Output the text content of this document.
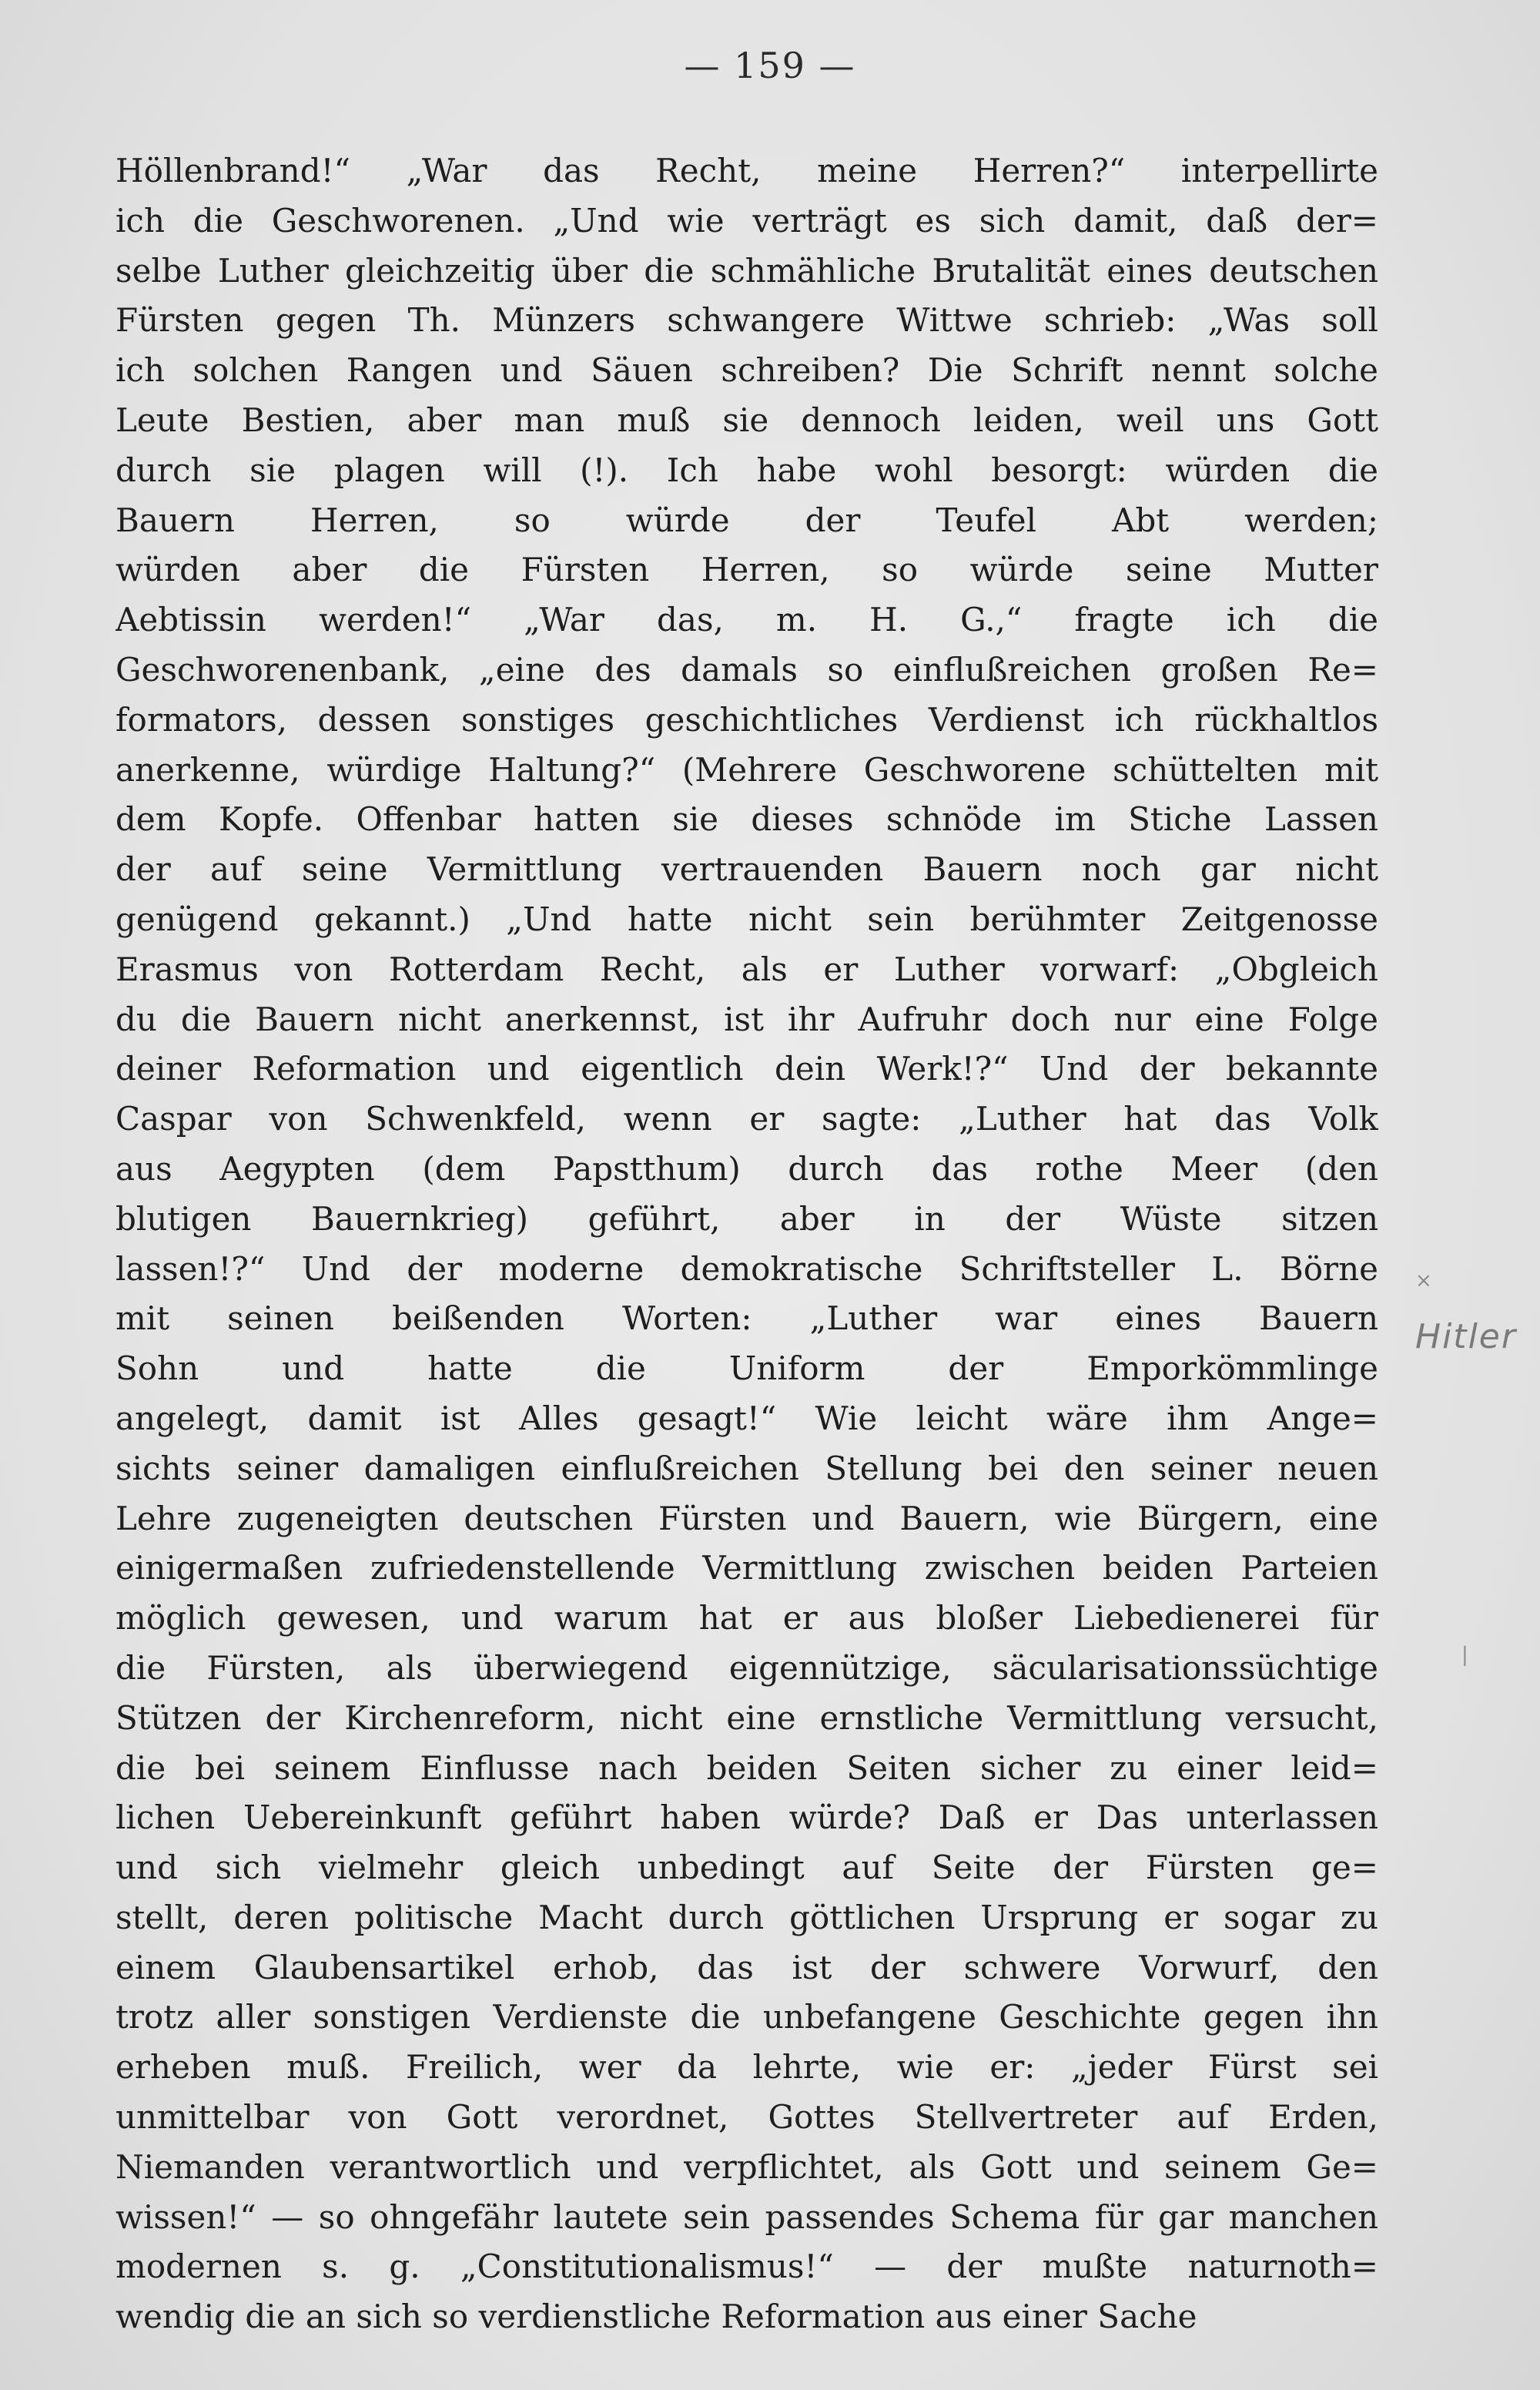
— 159 —
Höllenbrand!“ „War das Recht, meine Herren?“ interpellirte
ich die Geschworenen. „Und wie verträgt es sich damit, daß der=
selbe Luther gleichzeitig über die schmähliche Brutalität eines deutschen
Fürsten gegen Th. Münzers schwangere Wittwe schrieb: „Was soll
ich solchen Rangen und Säuen schreiben? Die Schrift nennt solche
Leute Bestien, aber man muß sie dennoch leiden, weil uns Gott
durch sie plagen will (!). Ich habe wohl besorgt: würden die
Bauern Herren, so würde der Teufel Abt werden;
würden aber die Fürsten Herren, so würde seine Mutter
Aebtissin werden!“ „War das, m. H. G.,“ fragte ich die
Geschworenenbank, „eine des damals so einflußreichen großen Re=
formators, dessen sonstiges geschichtliches Verdienst ich rückhaltlos
anerkenne, würdige Haltung?“ (Mehrere Geschworene schüttelten mit
dem Kopfe. Offenbar hatten sie dieses schnöde im Stiche Lassen
der auf seine Vermittlung vertrauenden Bauern noch gar nicht
genügend gekannt.) „Und hatte nicht sein berühmter Zeitgenosse
Erasmus von Rotterdam Recht, als er Luther vorwarf: „Obgleich
du die Bauern nicht anerkennst, ist ihr Aufruhr doch nur eine Folge
deiner Reformation und eigentlich dein Werk!?“ Und der bekannte
Caspar von Schwenkfeld, wenn er sagte: „Luther hat das Volk
aus Aegypten (dem Papstthum) durch das rothe Meer (den
blutigen Bauernkrieg) geführt, aber in der Wüste sitzen
lassen!?“ Und der moderne demokratische Schriftsteller L. Börne
mit seinen beißenden Worten: „Luther war eines Bauern
Sohn und hatte die Uniform der Emporkömmlinge
angelegt, damit ist Alles gesagt!“ Wie leicht wäre ihm Ange=
sichts seiner damaligen einflußreichen Stellung bei den seiner neuen
Lehre zugeneigten deutschen Fürsten und Bauern, wie Bürgern, eine
einigermaßen zufriedenstellende Vermittlung zwischen beiden Parteien
möglich gewesen, und warum hat er aus bloßer Liebedienerei für
die Fürsten, als überwiegend eigennützige, säcularisationssüchtige
Stützen der Kirchenreform, nicht eine ernstliche Vermittlung versucht,
die bei seinem Einflusse nach beiden Seiten sicher zu einer leid=
lichen Uebereinkunft geführt haben würde? Daß er Das unterlassen
und sich vielmehr gleich unbedingt auf Seite der Fürsten ge=
stellt, deren politische Macht durch göttlichen Ursprung er sogar zu
einem Glaubensartikel erhob, das ist der schwere Vorwurf, den
trotz aller sonstigen Verdienste die unbefangene Geschichte gegen ihn
erheben muß. Freilich, wer da lehrte, wie er: „jeder Fürst sei
unmittelbar von Gott verordnet, Gottes Stellvertreter auf Erden,
Niemanden verantwortlich und verpflichtet, als Gott und seinem Ge=
wissen!“ — so ohngefähr lautete sein passendes Schema für gar manchen
modernen s. g. „Constitutionalismus!“ — der mußte naturnoth=
wendig die an sich so verdienstliche Reformation aus einer Sache
Hitler
×
|
